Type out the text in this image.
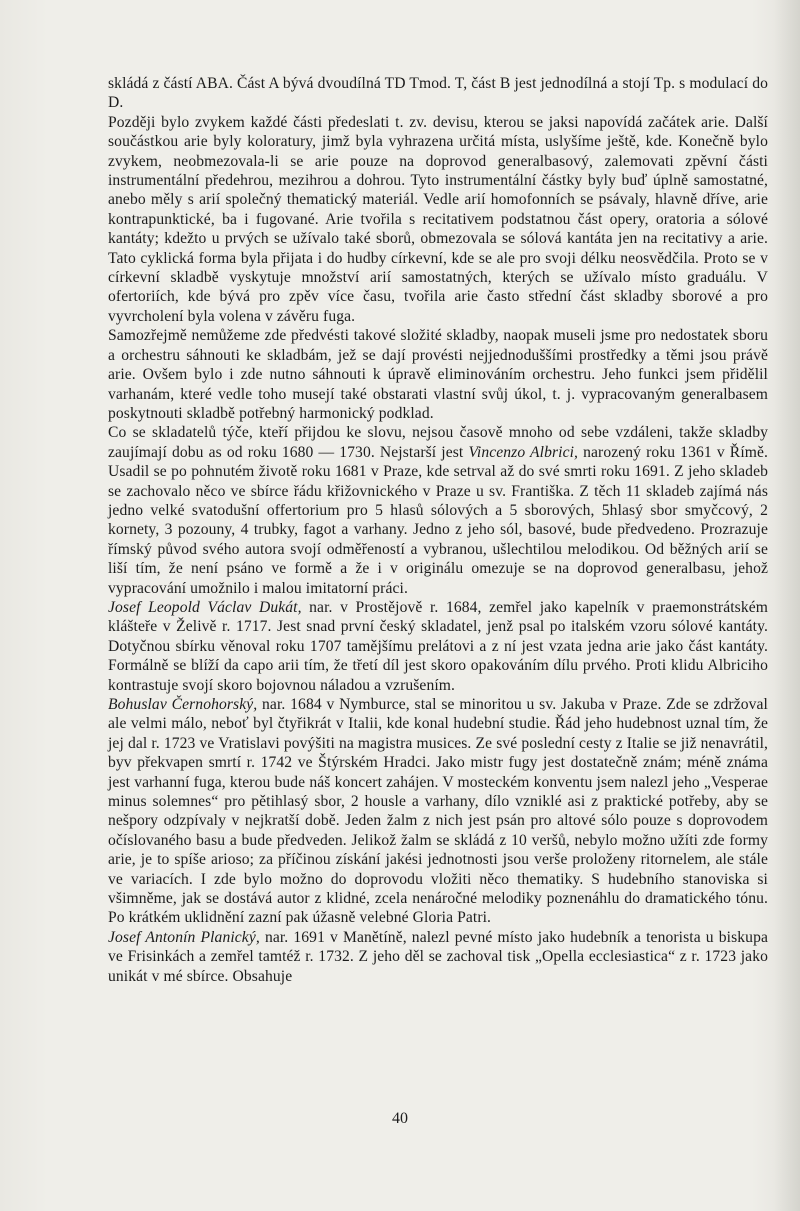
skládá z částí ABA. Část A bývá dvoudílná TD Tmod. T, část B jest jednodílná a stojí Tp. s modulací do D.

Později bylo zvykem každé části předeslati t. zv. devisu, kterou se jaksi napovídá začátek arie. Další součástkou arie byly koloratury, jimž byla vyhrazena určitá místa, uslyšíme ještě, kde. Konečně bylo zvykem, neobmezovala-li se arie pouze na doprovod generalbasový, zalemovati zpěvní části instrumentální předehrou, mezihrou a dohrou. Tyto instrumentální částky byly buď úplně samostatné, anebo měly s arií společný thematický materiál. Vedle arií homofonních se psávaly, hlavně dříve, arie kontrapunktické, ba i fugované. Arie tvořila s recitativem podstatnou část opery, oratoria a sólové kantáty; kdežto u prvých se užívalo také sborů, obmezovala se sólová kantáta jen na recitativy a arie. Tato cyklická forma byla přijata i do hudby církevní, kde se ale pro svoji délku neosvědčila. Proto se v církevní skladbě vyskytuje množství arií samostatných, kterých se užívalo místo graduálu. V ofertoriích, kde bývá pro zpěv více času, tvořila arie často střední část skladby sborové a pro vyvrcholení byla volena v závěru fuga.

Samozřejmě nemůžeme zde předvésti takové složité skladby, naopak museli jsme pro nedostatek sboru a orchestru sáhnouti ke skladbám, jež se dají provésti nejjednoduššími prostředky a těmi jsou právě arie. Ovšem bylo i zde nutno sáhnouti k úpravě eliminováním orchestru. Jeho funkci jsem přidělil varhanám, které vedle toho musejí také obstarati vlastní svůj úkol, t. j. vypracovaným generalbasem poskytnouti skladbě potřebný harmonický podklad.

Co se skladatelů týče, kteří přijdou ke slovu, nejsou časově mnoho od sebe vzdáleni, takže skladby zaujímají dobu as od roku 1680 — 1730. Nejstarší jest Vincenzo Albrici, narozený roku 1361 v Římě. Usadil se po pohnutém životě roku 1681 v Praze, kde setrval až do své smrti roku 1691. Z jeho skladeb se zachovalo něco ve sbírce řádu křižovnického v Praze u sv. Františka. Z těch 11 skladeb zajímá nás jedno velké svatodušní offertorium pro 5 hlasů sólových a 5 sborových, 5hlasý sbor smyčcový, 2 kornety, 3 pozouny, 4 trubky, fagot a varhany. Jedno z jeho sól, basové, bude předvedeno. Prozrazuje římský původ svého autora svojí odměřeností a vybranou, ušlechtilou melodikou. Od běžných arií se liší tím, že není psáno ve formě a že i v originálu omezuje se na doprovod generalbasu, jehož vypracování umožnilo i malou imitatorní práci.

Josef Leopold Václav Dukát, nar. v Prostějově r. 1684, zemřel jako kapelník v praemonstrátském klášteře v Želivě r. 1717. Jest snad první český skladatel, jenž psal po italském vzoru sólové kantáty. Dotyčnou sbírku věnoval roku 1707 tamějšímu prelátovi a z ní jest vzata jedna arie jako část kantáty. Formálně se blíží da capo arii tím, že třetí díl jest skoro opakováním dílu prvého. Proti klidu Albriciho kontrastuje svojí skoro bojovnou náladou a vzrušením.

Bohuslav Černohorský, nar. 1684 v Nymburce, stal se minoritou u sv. Jakuba v Praze. Zde se zdržoval ale velmi málo, neboť byl čtyřikrát v Italii, kde konal hudební studie. Řád jeho hudebnost uznal tím, že jej dal r. 1723 ve Vratislavi povýšiti na magistra musices. Ze své poslední cesty z Italie se již nenavrátil, byv překvapen smrtí r. 1742 ve Štýrském Hradci. Jako mistr fugy jest dostatečně znám; méně známa jest varhanní fuga, kterou bude náš koncert zahájen. V mosteckém konventu jsem nalezl jeho „Vesperae minus solemnes“ pro pětihlasý sbor, 2 housle a varhany, dílo vzniklé asi z praktické potřeby, aby se nešpory odzpívaly v nejkratší době. Jeden žalm z nich jest psán pro altové sólo pouze s doprovodem očíslovaného basu a bude předveden. Jelikož žalm se skládá z 10 veršů, nebylo možno užíti zde formy arie, je to spíše arioso; za příčinou získání jakési jednotnosti jsou verše proloženy ritornelem, ale stále ve variacích. I zde bylo možno do doprovodu vložiti něco thematiky. S hudebního stanoviska si všimněme, jak se dostává autor z klidné, zcela nenáročné melodiky poznenáhlu do dramatického tónu. Po krátkém uklidnění zazní pak úžasně velebné Gloria Patri.

Josef Antonín Planický, nar. 1691 v Manětíně, nalezl pevné místo jako hudebník a tenorista u biskupa ve Frisinkách a zemřel tamtéž r. 1732. Z jeho děl se zachoval tisk „Opella ecclesiastica“ z r. 1723 jako unikát v mé sbírce. Obsahuje

40
